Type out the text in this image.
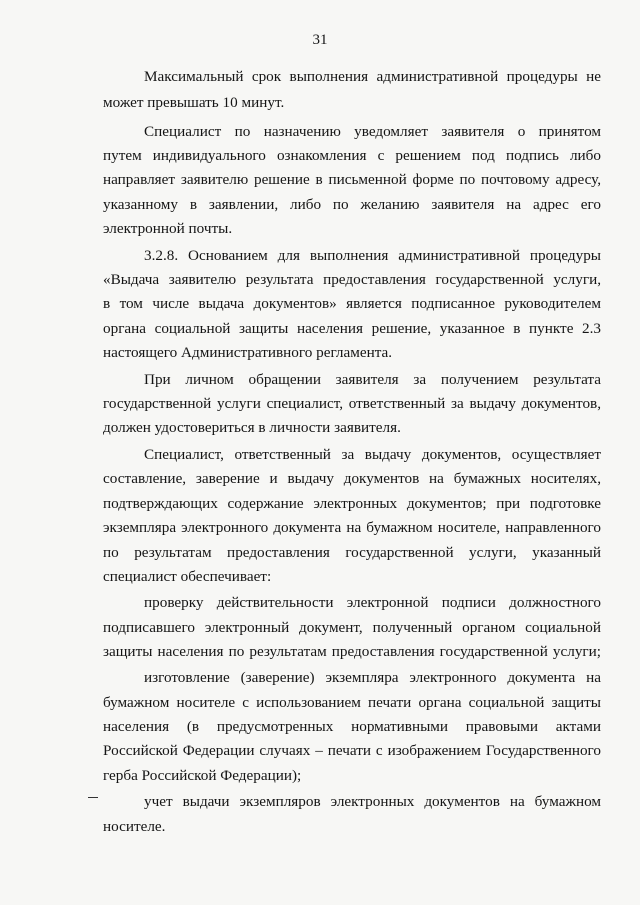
31
Максимальный срок выполнения административной процедуры не
может превышать 10 минут.
Специалист по назначению уведомляет заявителя о принятом
путем индивидуального ознакомления с решением под подпись либо
направляет заявителю решение в письменной форме по почтовому адресу,
указанному в заявлении, либо по желанию заявителя на адрес его
электронной почты.
3.2.8. Основанием для выполнения административной процедуры
«Выдача заявителю результата предоставления государственной услуги,
в том числе выдача документов» является подписанное руководителем
органа социальной защиты населения решение, указанное в пункте 2.3
настоящего Административного регламента.
При личном обращении заявителя за получением результата
государственной услуги специалист, ответственный за выдачу документов,
должен удостовериться в личности заявителя.
Специалист, ответственный за выдачу документов, осуществляет
составление, заверение и выдачу документов на бумажных носителях,
подтверждающих содержание электронных документов; при подготовке
экземпляра электронного документа на бумажном носителе, направленного
по результатам предоставления государственной услуги, указанный
специалист обеспечивает:
проверку действительности электронной подписи должностного
подписавшего электронный документ, полученный органом социальной
защиты населения по результатам предоставления государственной услуги;
изготовление (заверение) экземпляра электронного документа на
бумажном носителе с использованием печати органа социальной защиты
населения (в предусмотренных нормативными правовыми актами
Российской Федерации случаях – печати с изображением Государственного
герба Российской Федерации);
учет выдачи экземпляров электронных документов на бумажном
носителе.
